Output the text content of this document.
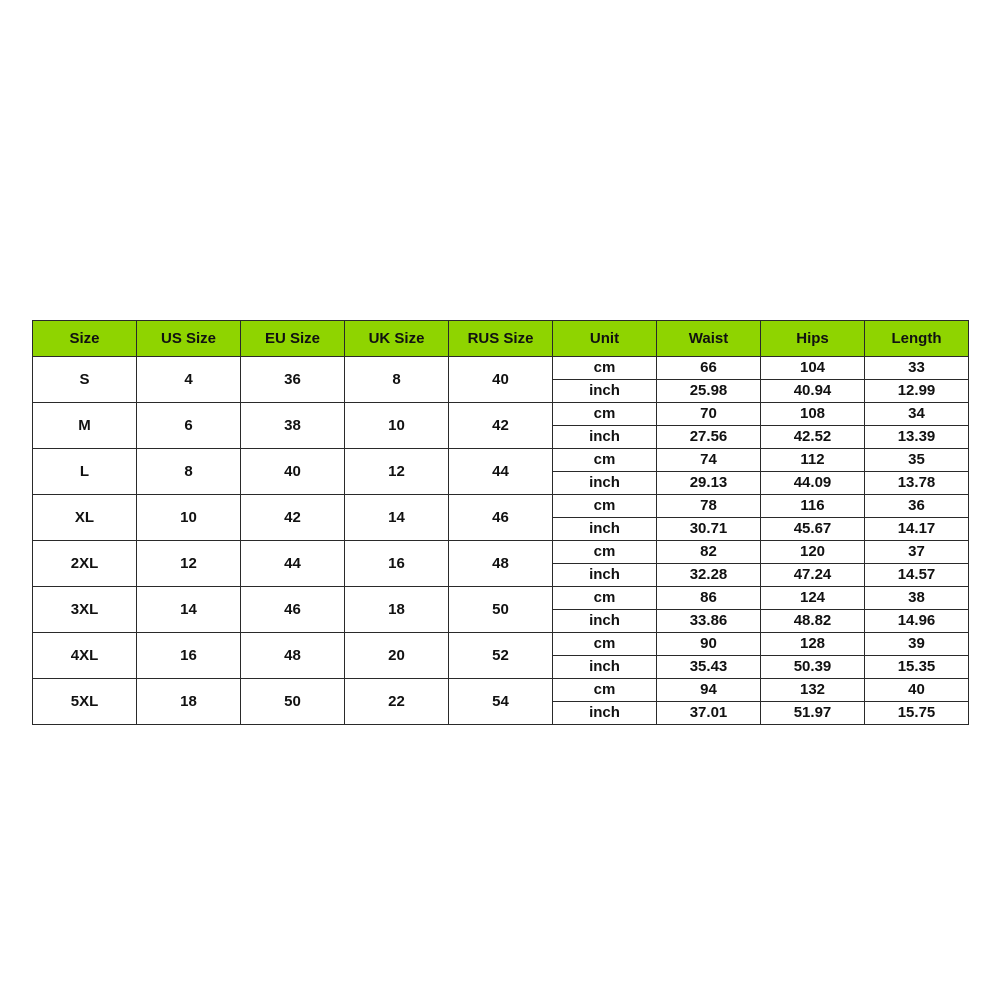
Size	US Size	EU Size	UK Size	RUS Size	Unit	Waist	Hips	Length
S	4	36	8	40	cm	66	104	33
					inch	25.98	40.94	12.99
M	6	38	10	42	cm	70	108	34
					inch	27.56	42.52	13.39
L	8	40	12	44	cm	74	112	35
					inch	29.13	44.09	13.78
XL	10	42	14	46	cm	78	116	36
					inch	30.71	45.67	14.17
2XL	12	44	16	48	cm	82	120	37
					inch	32.28	47.24	14.57
3XL	14	46	18	50	cm	86	124	38
					inch	33.86	48.82	14.96
4XL	16	48	20	52	cm	90	128	39
					inch	35.43	50.39	15.35
5XL	18	50	22	54	cm	94	132	40
					inch	37.01	51.97	15.75
